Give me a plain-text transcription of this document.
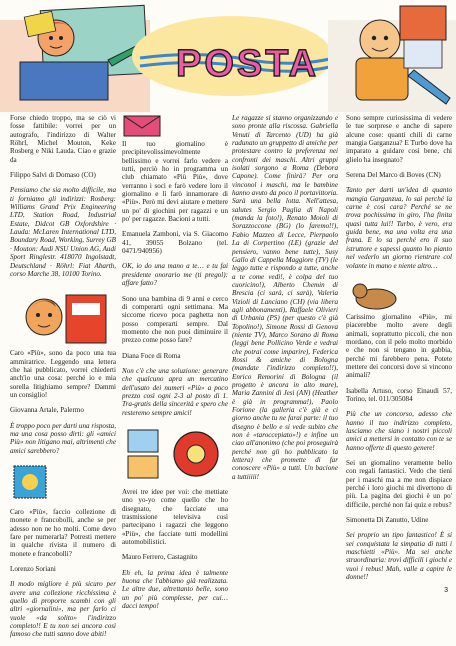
POSTA

Forse chiedo troppo, ma se ciò vi fosse fattibile: vorrei per un autografo, l'indirizzo di Walter Röhrl, Michel Mouton, Keke Rosberg e Niki Lauda. Ciao e grazie da

Filippo Salvi di Domaso (CO)

Pensiamo che sia molto difficile, ma ti forniamo gli indirizzi: Rosberg: Williams Grand Prix Engineering LTD, Station Road, Industrial Estate, Didcot GB Oxfordshire · Lauda: McLaren International LTD, Boundary Road, Working, Surrey GB · Mouton: Audi NSU Union AG, Audi Sport Ringlestr. 418070 Ingolstadt, Deutschland · Röhrl: Fiat Abarth, corso Marche 38, 10100 Torino.

Caro «Più», sono da poco una tua ammiratrice. Leggendo una lettera che hai pubblicato, vorrei chiederti anch'io una cosa: perché io e mia sorella litighiamo sempre? Dammi un consiglio!

Giovanna Artale, Palermo

È troppo poco per darti una risposta, ma una cosa posso dirti: gli «amici Più» non litigano mai, altrimenti che amici sarebbero?

Caro «Più», faccio collezione di monete e francobolli, anche se per adesso non ne ho molti. Come devo fare per numerarla? Potresti mettere in qualche rivista il numero di monete e francobolli?

Lorenzo Soriani

Il modo migliore è più sicuro per avere una collezione ricchissima è quello di proporre scambi con gli altri «giornalini», ma per farlo ci vuole «da solito» l'indirizzo completo!! E tu non sei ancora così famoso che tutti sanno dove abiti!

Il tuo giornalino è precipitevolissimevolmente bellissimo e vorrei farlo vedere a tutti, perciò ho in programma un club chiamato «Più Più», dove verranno i soci e farò vedere loro il giornalino e lì farò innamorare di «Più». Però mi devi aiutare e mettere un po' di giochini per ragazzi e un po' per ragazze. Bacioni a tutti.

Emanuela Zamboni, via S. Giacomo 41, 39055 Bolzano (tel. 0471/940956)

OK, io do una mano a te… e tu fai presidente onorario me (ti pregol): affare fatto?

Sono una bambina di 9 anni e cerco di comperarti ogni settimana. Ma siccome ricevo poca paghetta non posso comperarti sempre. Dal momento che non puoi diminuire il prezzo come posso fare?

Diana Foce di Roma

Non c'è che una soluzione: generare che qualcuno apra un mercatino dell'usato dei numeri «Più» a poco prezzo così ogni 2-3 al posto di 1. Tra-gratis della sincerità e spero che resteremo sempre amici!

Avrei tre idee per voi: che mettiate uno yo-yo come quello che ho disegnato, che facciate una trasmissione televisiva così partecipano i ragazzi che leggono «Più», che facciate tutti modellini automobilistici.

Mauro Ferrero, Castagnito

Eh eh, la prima idea è talmente buona che l'abbiamo già realizzata. Le altre due, altrettanto belle, sono un po' più complesse, per cui… dacci tempo!

Le ragazze si stanno organizzando e sono pronte alla riscossa. Gabriella Venuti di Tarcento (UD) ha già radunato un gruppetto di amiche per protestare contro la preferenza nei confronti dei maschi. Altri gruppi isolati sorgono a Roma (Debora Capone). Come finirà? Per ora vinconol i maschi, ma le bambine hanno avuto da poco il portavittoria. Sarà una bella lotta. Nell'attesa, salutes Sergio Paglia di Napoli (manda la foto!), Renato Moioli di Sorazzoccone (BG) (lo faremo!!), Fabio Mazzeo di Lecce, Pierpaolo La di Corpertino (LE) (grazie del pensiero, vanno bene tutte), Susy Gallo di Cappella Maggiore (TV) (le leggo tutte e rispondo a tutte, anche a te come vedi!, è colpa del tuo cuoricino!), Alberto Chemin di Brescia (ci sarà, ci sarà), Valeria Vizioli di Lanciano (CH) (via libera agli abbonamenti), Raffaele Olivieri di Urbania (PS) (per questo c'è già Topolino!), Simone Rossi di Genova (niente TV), Marco Sorano di Roma (leggi bene Pollicino Verde e vedrai che potrai come imparire), Federica Rossi & amiche di Bologna (mandate l'indirizzo completo!!), Enrico Remorini di Bologna (il progetto è ancora in alto mare), Maria Zannini di Jesi (AN) (Heather è già in programma!), Paolo Forione (la galleria c'è già e ci giorno anche tu ne farai parte: il tuo disegno è bello e si vede subito che non è «taroccepiato»!) e infine un ciao all'anonimo (che poi proseguirà perché non gli ho pubblicato la lettera) che promette di far conoscere «Più» a tutti. Un bacione a tuttiiiii!

Sono sempre curiosissima di vedere le tue sorprese e anche di sapere alcune cose: quanti chili di carne mangia Garganzua? E Turbo dove ha imparato a guidare così bene, chi glielo ha insegnato?

Serena Del Marco di Boves (CN)

Tanto per darti un'idea di quanto mangia Garganzua, lo sai perché la carne è così cara? Perché se ne trova pochissima in giro, l'ha finita quasi tutta lui!! Turbo, è vero, era guida bene, ma una volta era una frana. E lo sa perché ero il suo istruttore e sapessi quanto ho pianto nel vederlo un giorno rientrare col volante in mano e niente altro…

Carissimo giornalino «Più», mi piacerebbe molto avere degli animali, soprattutto piccoli, che non mordano, con il pelo molto morbido e che non si tengano in gabbia, perché mi farebbero pena. Potete mettere dei concorsi dove si vincono animali?

Isabella Artuso, corso Einaudi 57, Torino, tel. 011/305084

Più che un concorso, adesso che hanno il tuo indirizzo completo, lasciamo che siano i nostri piccoli amici a mettersi in contatto con te se hanno offerte di questo genere!

Sei un giornalino veramente bello con regali fantastici. Vedo che tieni per i maschi ma a me non dispiace perché i loro giochi mi divertono di più. La pagina dei giochi è un po' difficile, perché non fai quiz e rebus?

Simonetta Di Zanutto, Udine

Sei proprio un tipo fantastico! È si sei conquistata la simpatia di tutti i maschietti «Più». Ma sei anche straordinaria: trovi difficili i giochi e vuoi i rebus! Mah, valle a capire le donne!!

3
